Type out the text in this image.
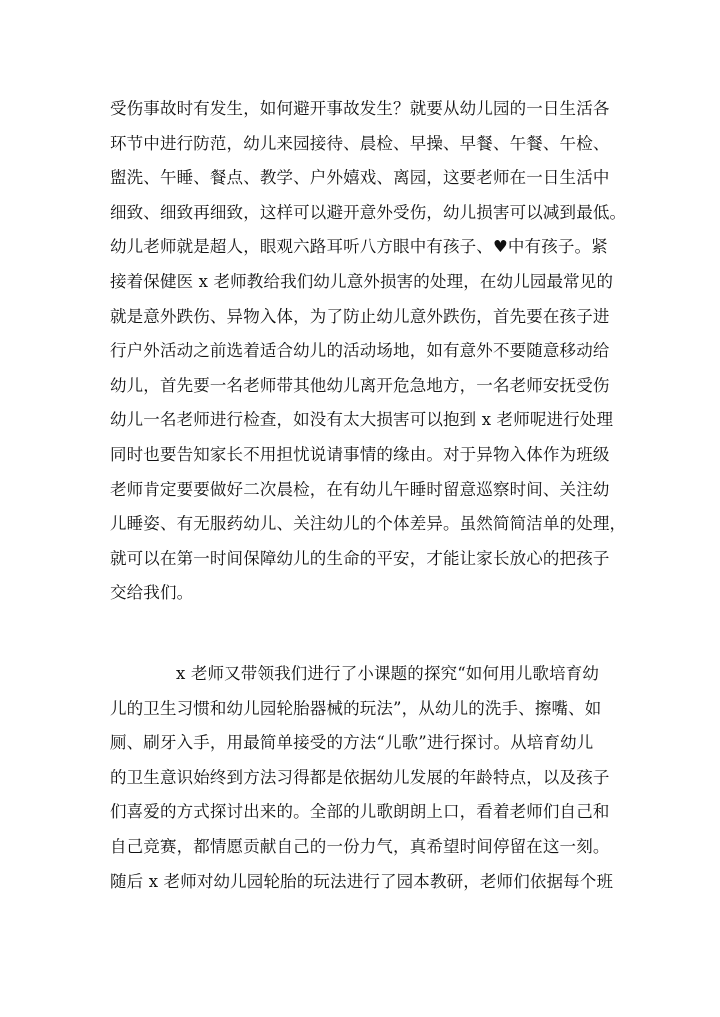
受伤事故时有发生，如何避开事故发生？就要从幼儿园的一日生活各
环节中进行防范，幼儿来园接待、晨检、早操、早餐、午餐、午检、
盥洗、午睡、餐点、教学、户外嬉戏、离园，这要老师在一日生活中
细致、细致再细致，这样可以避开意外受伤，幼儿损害可以减到最低。
幼儿老师就是超人，眼观六路耳听八方眼中有孩子、♥中有孩子。紧
接着保健医 x 老师教给我们幼儿意外损害的处理，在幼儿园最常见的
就是意外跌伤、异物入体，为了防止幼儿意外跌伤，首先要在孩子进
行户外活动之前选着适合幼儿的活动场地，如有意外不要随意移动给
幼儿，首先要一名老师带其他幼儿离开危急地方，一名老师安抚受伤
幼儿一名老师进行检查，如没有太大损害可以抱到 x 老师呢进行处理
同时也要告知家长不用担忧说请事情的缘由。对于异物入体作为班级
老师肯定要要做好二次晨检，在有幼儿午睡时留意巡察时间、关注幼
儿睡姿、有无服药幼儿、关注幼儿的个体差异。虽然简简洁单的处理，
就可以在第一时间保障幼儿的生命的平安，才能让家长放心的把孩子
交给我们。
x 老师又带领我们进行了小课题的探究“如何用儿歌培育幼
儿的卫生习惯和幼儿园轮胎器械的玩法”，从幼儿的洗手、擦嘴、如
厕、刷牙入手，用最简单接受的方法“儿歌”进行探讨。从培育幼儿
的卫生意识始终到方法习得都是依据幼儿发展的年龄特点，以及孩子
们喜爱的方式探讨出来的。全部的儿歌朗朗上口，看着老师们自己和
自己竞赛，都情愿贡献自己的一份力气，真希望时间停留在这一刻。
随后 x 老师对幼儿园轮胎的玩法进行了园本教研，老师们依据每个班
